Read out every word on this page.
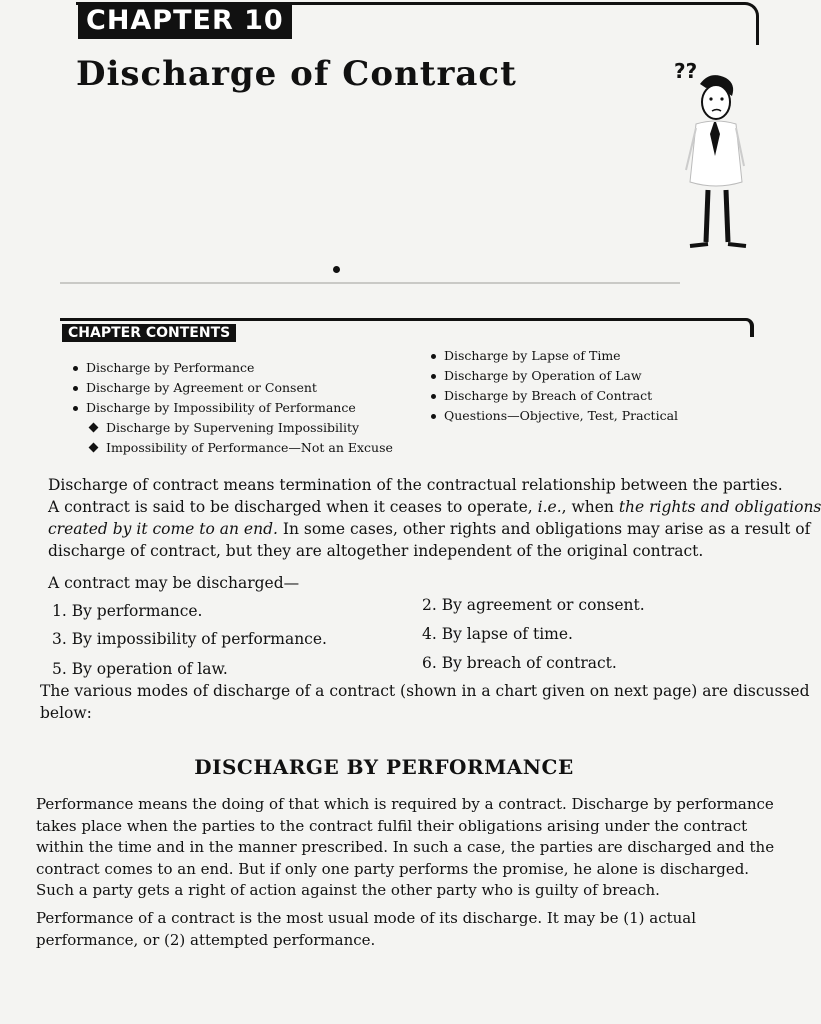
CHAPTER 10
Discharge of Contract	??
CHAPTER CONTENTS
Discharge by Performance
Discharge by Agreement or Consent
Discharge by Impossibility of Performance
Discharge by Supervening Impossibility
Impossibility of Performance—Not an Excuse
Discharge by Lapse of Time
Discharge by Operation of Law
Discharge by Breach of Contract
Questions—Objective, Test, Practical
Discharge of contract means termination of the contractual relationship between the parties.
A contract is said to be discharged when it ceases to operate, i.e., when the rights and obligations
created by it come to an end. In some cases, other rights and obligations may arise as a result of
discharge of contract, but they are altogether independent of the original contract.
A contract may be discharged—
1. By performance.	2. By agreement or consent.
3. By impossibility of performance.	4. By lapse of time.
5. By operation of law.	6. By breach of contract.
The various modes of discharge of a contract (shown in a chart given on next page) are discussed
below:
DISCHARGE BY PERFORMANCE
Performance means the doing of that which is required by a contract. Discharge by performance
takes place when the parties to the contract fulfil their obligations arising under the contract
within the time and in the manner prescribed. In such a case, the parties are discharged and the
contract comes to an end. But if only one party performs the promise, he alone is discharged.
Such a party gets a right of action against the other party who is guilty of breach.
Performance of a contract is the most usual mode of its discharge. It may be (1) actual
performance, or (2) attempted performance.
